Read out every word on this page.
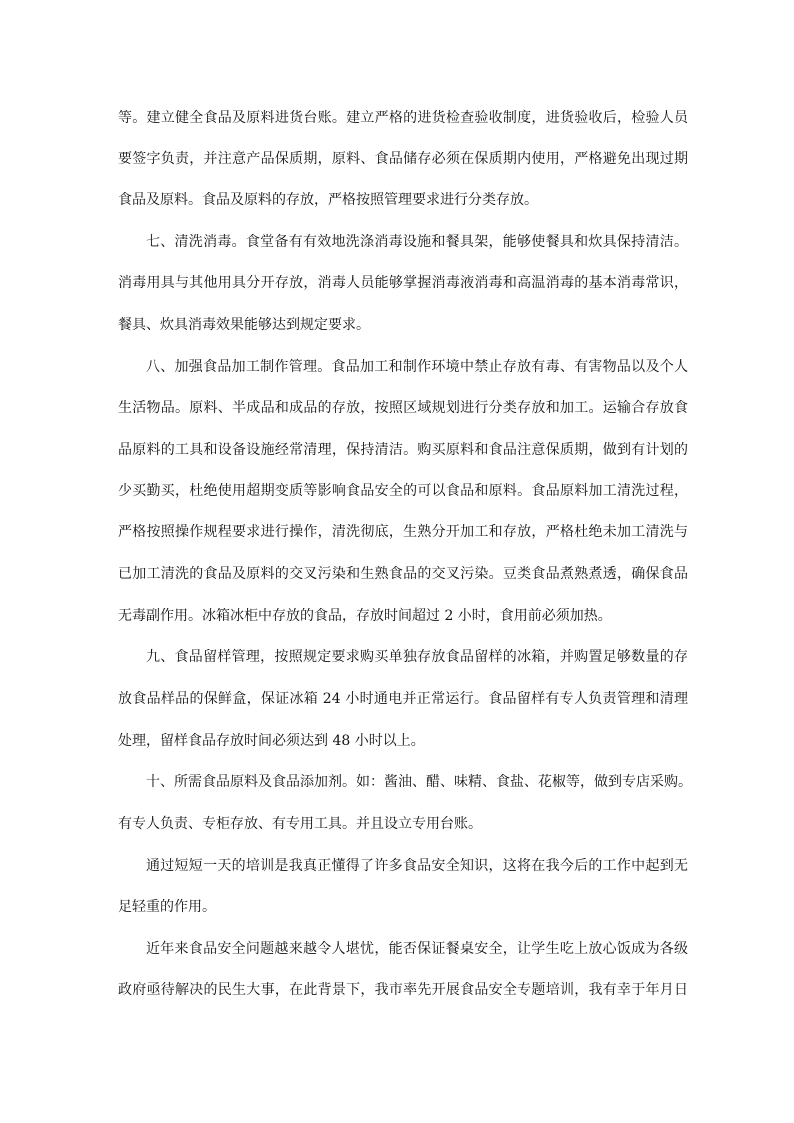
等。建立健全食品及原料进货台账。建立严格的进货检查验收制度，进货验收后，检验人员
要签字负责，并注意产品保质期，原料、食品储存必须在保质期内使用，严格避免出现过期
食品及原料。食品及原料的存放，严格按照管理要求进行分类存放。
七、清洗消毒。食堂备有有效地洗涤消毒设施和餐具架，能够使餐具和炊具保持清洁。
消毒用具与其他用具分开存放，消毒人员能够掌握消毒液消毒和高温消毒的基本消毒常识，
餐具、炊具消毒效果能够达到规定要求。
八、加强食品加工制作管理。食品加工和制作环境中禁止存放有毒、有害物品以及个人
生活物品。原料、半成品和成品的存放，按照区域规划进行分类存放和加工。运输合存放食
品原料的工具和设备设施经常清理，保持清洁。购买原料和食品注意保质期，做到有计划的
少买勤买，杜绝使用超期变质等影响食品安全的可以食品和原料。食品原料加工清洗过程，
严格按照操作规程要求进行操作，清洗彻底，生熟分开加工和存放，严格杜绝未加工清洗与
已加工清洗的食品及原料的交叉污染和生熟食品的交叉污染。豆类食品煮熟煮透，确保食品
无毒副作用。冰箱冰柜中存放的食品，存放时间超过 2 小时，食用前必须加热。
九、食品留样管理，按照规定要求购买单独存放食品留样的冰箱，并购置足够数量的存
放食品样品的保鲜盒，保证冰箱 24 小时通电并正常运行。食品留样有专人负责管理和清理
处理，留样食品存放时间必须达到 48 小时以上。
十、所需食品原料及食品添加剂。如：酱油、醋、味精、食盐、花椒等，做到专店采购。
有专人负责、专柜存放、有专用工具。并且设立专用台账。
通过短短一天的培训是我真正懂得了许多食品安全知识，这将在我今后的工作中起到无
足轻重的作用。
近年来食品安全问题越来越令人堪忧，能否保证餐桌安全，让学生吃上放心饭成为各级
政府亟待解决的民生大事，在此背景下，我市率先开展食品安全专题培训，我有幸于年月日
